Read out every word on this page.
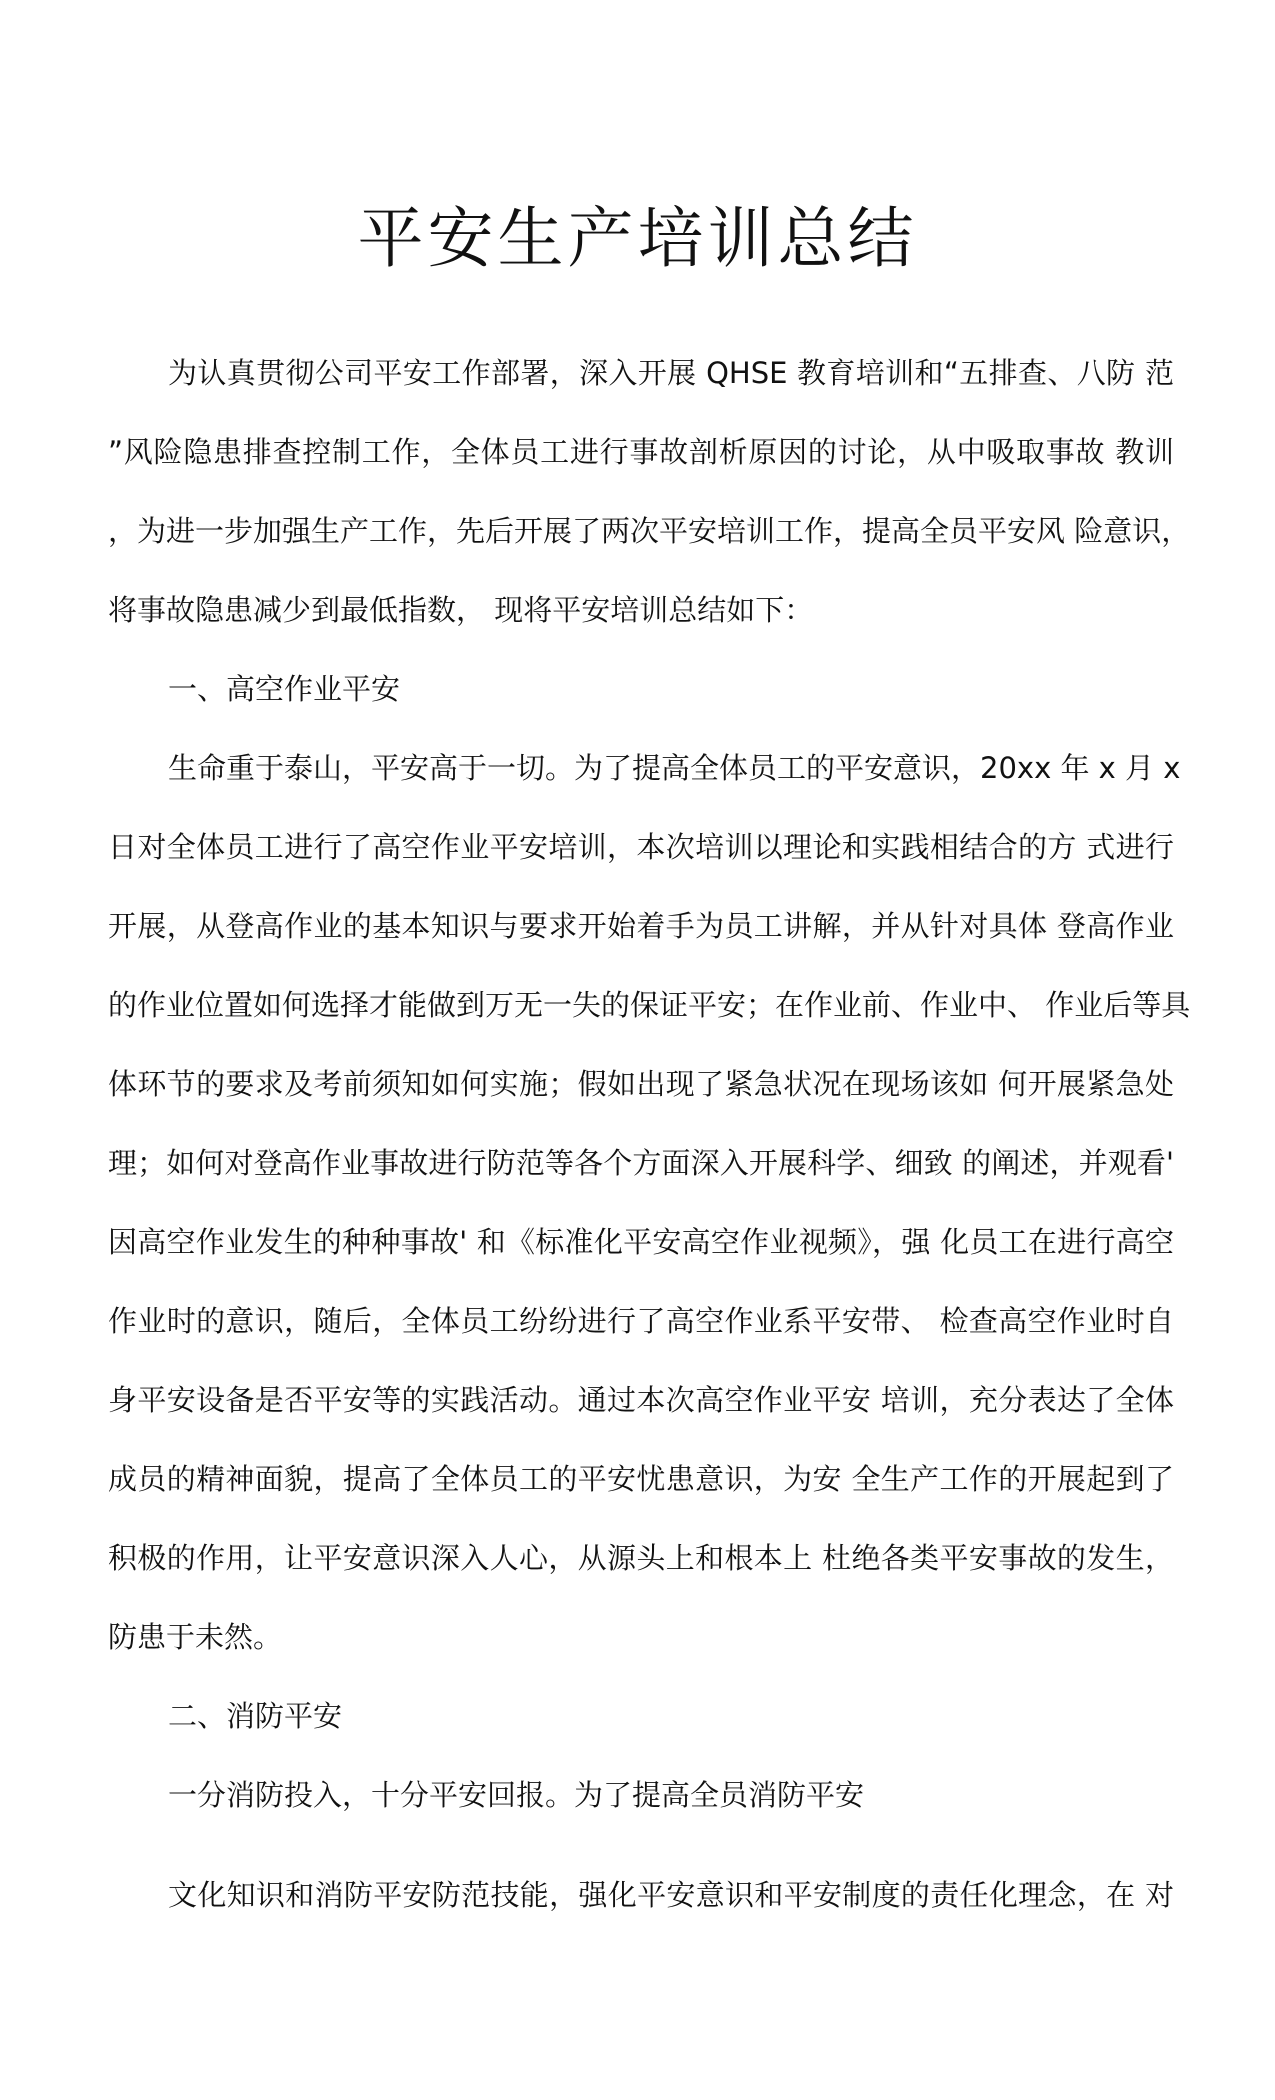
平安生产培训总结

为认真贯彻公司平安工作部署，深入开展 QHSE 教育培训和“五排查、八防 范

”风险隐患排查控制工作，全体员工进行事故剖析原因的讨论，从中吸取事故 教训

，为进一步加强生产工作，先后开展了两次平安培训工作，提高全员平安风 险意识，

将事故隐患减少到最低指数， 现将平安培训总结如下：

一、高空作业平安

生命重于泰山，平安高于一切。为了提高全体员工的平安意识，20xx 年 x 月 x

日对全体员工进行了高空作业平安培训，本次培训以理论和实践相结合的方 式进行

开展，从登高作业的基本知识与要求开始着手为员工讲解，并从针对具体 登高作业

的作业位置如何选择才能做到万无一失的保证平安；在作业前、作业中、 作业后等具

体环节的要求及考前须知如何实施；假如出现了紧急状况在现场该如 何开展紧急处

理；如何对登高作业事故进行防范等各个方面深入开展科学、细致 的阐述，并观看'

因高空作业发生的种种事故' 和《标准化平安高空作业视频》，强 化员工在进行高空

作业时的意识，随后，全体员工纷纷进行了高空作业系平安带、 检查高空作业时自

身平安设备是否平安等的实践活动。通过本次高空作业平安 培训，充分表达了全体

成员的精神面貌，提高了全体员工的平安忧患意识，为安 全生产工作的开展起到了

积极的作用，让平安意识深入人心，从源头上和根本上 杜绝各类平安事故的发生，

防患于未然。

二、消防平安

一分消防投入，十分平安回报。为了提高全员消防平安

文化知识和消防平安防范技能，强化平安意识和平安制度的责任化理念，在 对
